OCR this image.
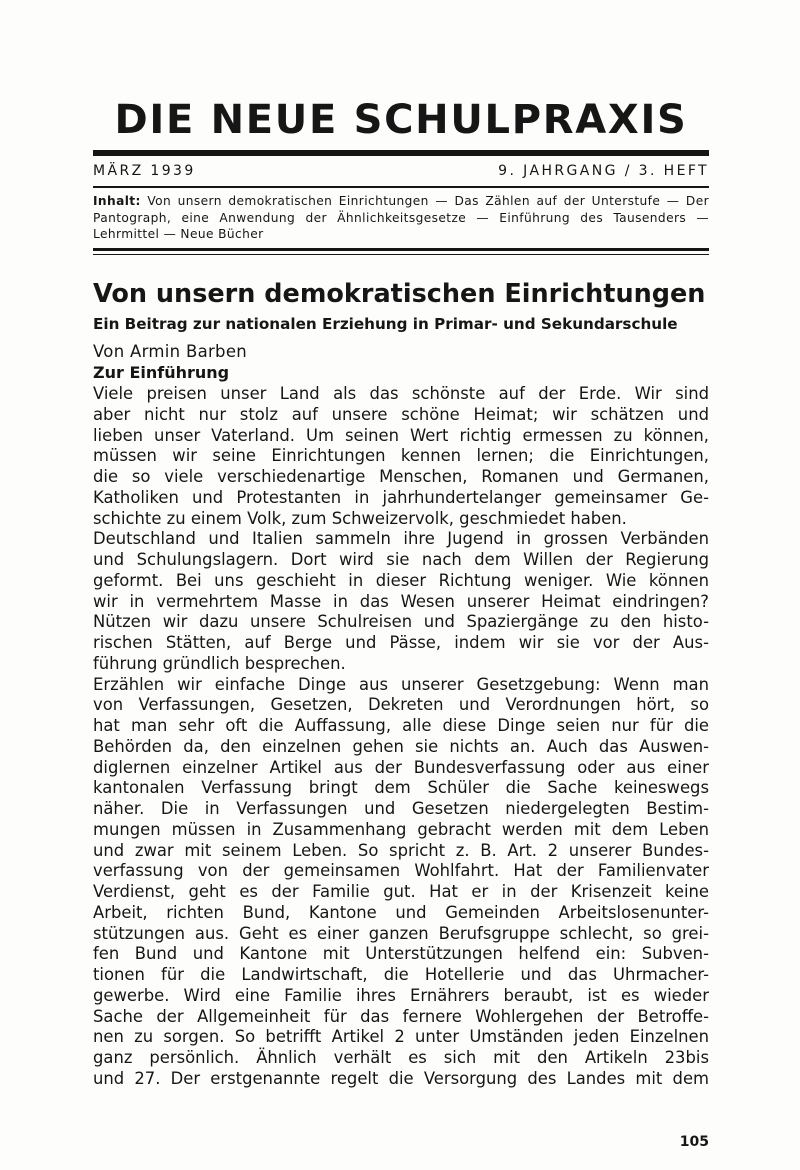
DIE NEUE SCHULPRAXIS
MÄRZ 1939	9. JAHRGANG / 3. HEFT
Inhalt: Von unsern demokratischen Einrichtungen — Das Zählen auf der Unterstufe — Der Pantograph, eine Anwendung der Ähnlichkeitsgesetze — Einführung des Tausenders — Lehrmittel — Neue Bücher
Von unsern demokratischen Einrichtungen
Ein Beitrag zur nationalen Erziehung in Primar- und Sekundarschule
Von Armin Barben
Zur Einführung
Viele preisen unser Land als das schönste auf der Erde. Wir sind
aber nicht nur stolz auf unsere schöne Heimat; wir schätzen und
lieben unser Vaterland. Um seinen Wert richtig ermessen zu können,
müssen wir seine Einrichtungen kennen lernen; die Einrichtungen,
die so viele verschiedenartige Menschen, Romanen und Germanen,
Katholiken und Protestanten in jahrhundertelanger gemeinsamer Ge-
schichte zu einem Volk, zum Schweizervolk, geschmiedet haben.
Deutschland und Italien sammeln ihre Jugend in grossen Verbänden
und Schulungslagern. Dort wird sie nach dem Willen der Regierung
geformt. Bei uns geschieht in dieser Richtung weniger. Wie können
wir in vermehrtem Masse in das Wesen unserer Heimat eindringen?
Nützen wir dazu unsere Schulreisen und Spaziergänge zu den histo-
rischen Stätten, auf Berge und Pässe, indem wir sie vor der Aus-
führung gründlich besprechen.
Erzählen wir einfache Dinge aus unserer Gesetzgebung: Wenn man
von Verfassungen, Gesetzen, Dekreten und Verordnungen hört, so
hat man sehr oft die Auffassung, alle diese Dinge seien nur für die
Behörden da, den einzelnen gehen sie nichts an. Auch das Auswen-
diglernen einzelner Artikel aus der Bundesverfassung oder aus einer
kantonalen Verfassung bringt dem Schüler die Sache keineswegs
näher. Die in Verfassungen und Gesetzen niedergelegten Bestim-
mungen müssen in Zusammenhang gebracht werden mit dem Leben
und zwar mit seinem Leben. So spricht z. B. Art. 2 unserer Bundes-
verfassung von der gemeinsamen Wohlfahrt. Hat der Familienvater
Verdienst, geht es der Familie gut. Hat er in der Krisenzeit keine
Arbeit, richten Bund, Kantone und Gemeinden Arbeitslosenunter-
stützungen aus. Geht es einer ganzen Berufsgruppe schlecht, so grei-
fen Bund und Kantone mit Unterstützungen helfend ein: Subven-
tionen für die Landwirtschaft, die Hotellerie und das Uhrmacher-
gewerbe. Wird eine Familie ihres Ernährers beraubt, ist es wieder
Sache der Allgemeinheit für das fernere Wohlergehen der Betroffe-
nen zu sorgen. So betrifft Artikel 2 unter Umständen jeden Einzelnen
ganz persönlich. Ähnlich verhält es sich mit den Artikeln 23bis
und 27. Der erstgenannte regelt die Versorgung des Landes mit dem
105
